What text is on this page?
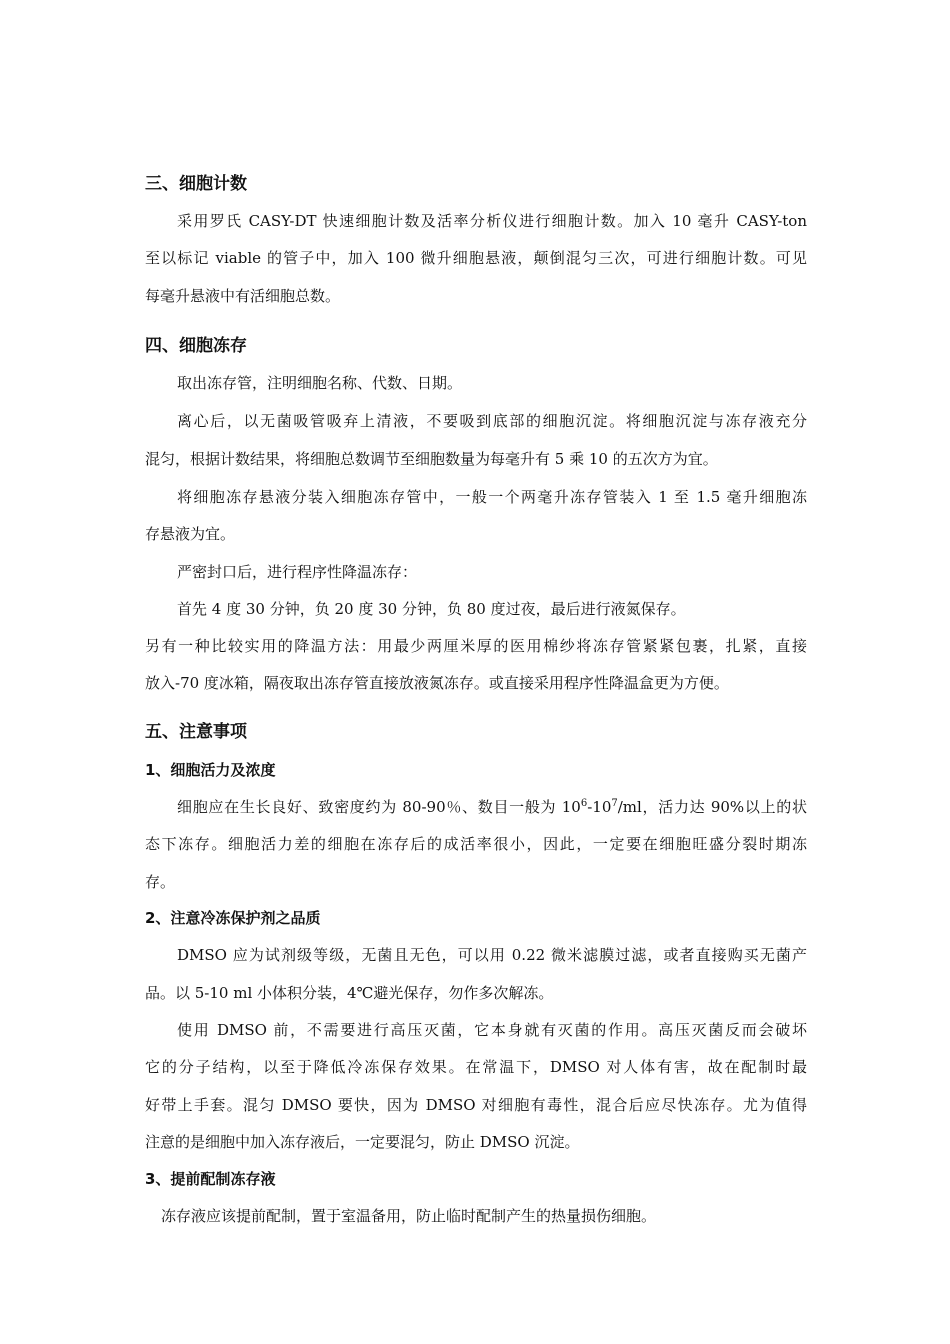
三、细胞计数
采用罗氏 CASY-DT 快速细胞计数及活率分析仪进行细胞计数。加入 10 毫升 CASY-ton
至以标记 viable 的管子中，加入 100 微升细胞悬液，颠倒混匀三次，可进行细胞计数。可见
每毫升悬液中有活细胞总数。
四、细胞冻存
取出冻存管，注明细胞名称、代数、日期。
离心后，以无菌吸管吸弃上清液，不要吸到底部的细胞沉淀。将细胞沉淀与冻存液充分
混匀，根据计数结果，将细胞总数调节至细胞数量为每毫升有 5 乘 10 的五次方为宜。
将细胞冻存悬液分装入细胞冻存管中，一般一个两毫升冻存管装入 1 至 1.5 毫升细胞冻
存悬液为宜。
严密封口后，进行程序性降温冻存：
首先 4 度 30 分钟，负 20 度 30 分钟，负 80 度过夜，最后进行液氮保存。
另有一种比较实用的降温方法：用最少两厘米厚的医用棉纱将冻存管紧紧包裹，扎紧，直接
放入-70 度冰箱，隔夜取出冻存管直接放液氮冻存。或直接采用程序性降温盒更为方便。
五、注意事项
1、细胞活力及浓度
细胞应在生长良好、致密度约为 80-90％、数目一般为 $10^6-10^7/ml$，活力达 90%以上的状
态下冻存。细胞活力差的细胞在冻存后的成活率很小，因此，一定要在细胞旺盛分裂时期冻
存。
2、注意冷冻保护剂之品质
DMSO 应为试剂级等级，无菌且无色，可以用 0.22 微米滤膜过滤，或者直接购买无菌产
品。以 5-10 ml 小体积分装，4℃避光保存，勿作多次解冻。
使用 DMSO 前，不需要进行高压灭菌，它本身就有灭菌的作用。高压灭菌反而会破坏
它的分子结构，以至于降低冷冻保存效果。在常温下，DMSO 对人体有害，故在配制时最
好带上手套。混匀 DMSO 要快，因为 DMSO 对细胞有毒性，混合后应尽快冻存。尤为值得
注意的是细胞中加入冻存液后，一定要混匀，防止 DMSO 沉淀。
3、提前配制冻存液
冻存液应该提前配制，置于室温备用，防止临时配制产生的热量损伤细胞。
